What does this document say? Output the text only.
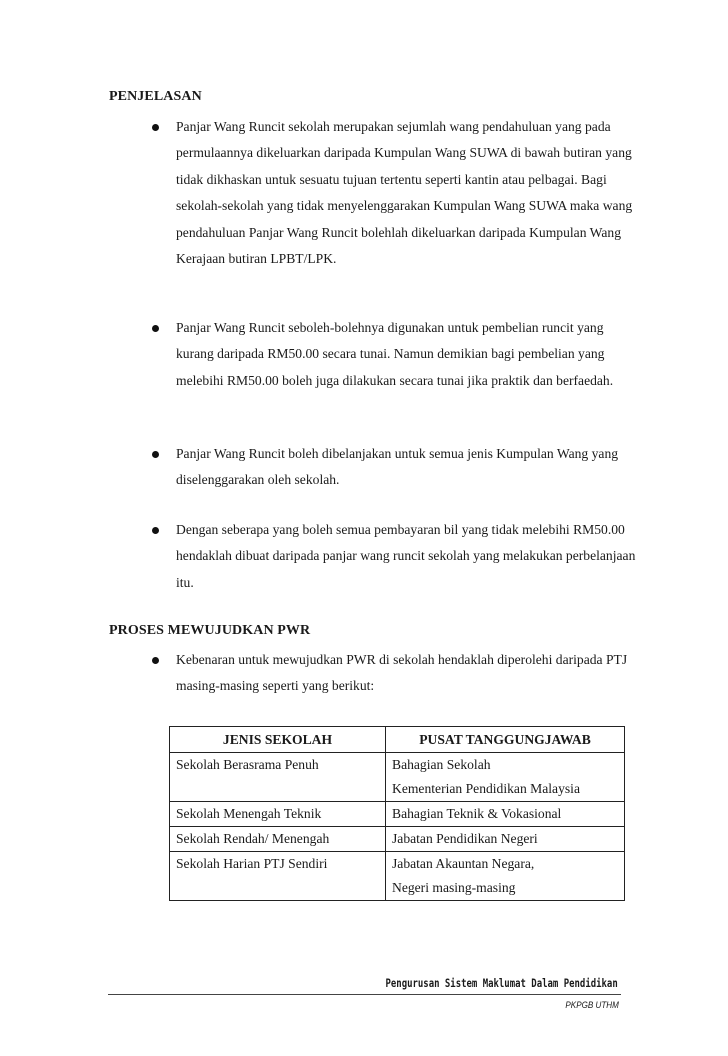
PENJELASAN

Panjar Wang Runcit sekolah merupakan sejumlah wang pendahuluan yang pada permulaannya dikeluarkan daripada Kumpulan Wang SUWA di bawah butiran yang tidak dikhaskan untuk sesuatu tujuan tertentu seperti kantin atau pelbagai. Bagi sekolah-sekolah yang tidak menyelenggarakan Kumpulan Wang SUWA maka wang pendahuluan Panjar Wang Runcit bolehlah dikeluarkan daripada Kumpulan Wang Kerajaan butiran LPBT/LPK.

Panjar Wang Runcit seboleh-bolehnya digunakan untuk pembelian runcit yang kurang daripada RM50.00 secara tunai. Namun demikian bagi pembelian yang melebihi RM50.00 boleh juga dilakukan secara tunai jika praktik dan berfaedah.

Panjar Wang Runcit boleh dibelanjakan untuk semua jenis Kumpulan Wang yang diselenggarakan oleh sekolah.

Dengan seberapa yang boleh semua pembayaran bil yang tidak melebihi RM50.00 hendaklah dibuat daripada panjar wang runcit sekolah yang melakukan perbelanjaan itu.

PROSES MEWUJUDKAN PWR

Kebenaran untuk mewujudkan PWR di sekolah hendaklah diperolehi daripada PTJ masing-masing seperti yang berikut:

JENIS SEKOLAH	PUSAT TANGGUNGJAWAB
Sekolah Berasrama Penuh	Bahagian Sekolah
Kementerian Pendidikan Malaysia

Sekolah Menengah Teknik	Bahagian Teknik & Vokasional

Sekolah Rendah/ Menengah	Jabatan Pendidikan Negeri

Sekolah Harian PTJ Sendiri	Jabatan Akauntan Negara,
Negeri masing-masing
Pengurusan Sistem Maklumat Dalam Pendidikan
PKPGB UTHM
